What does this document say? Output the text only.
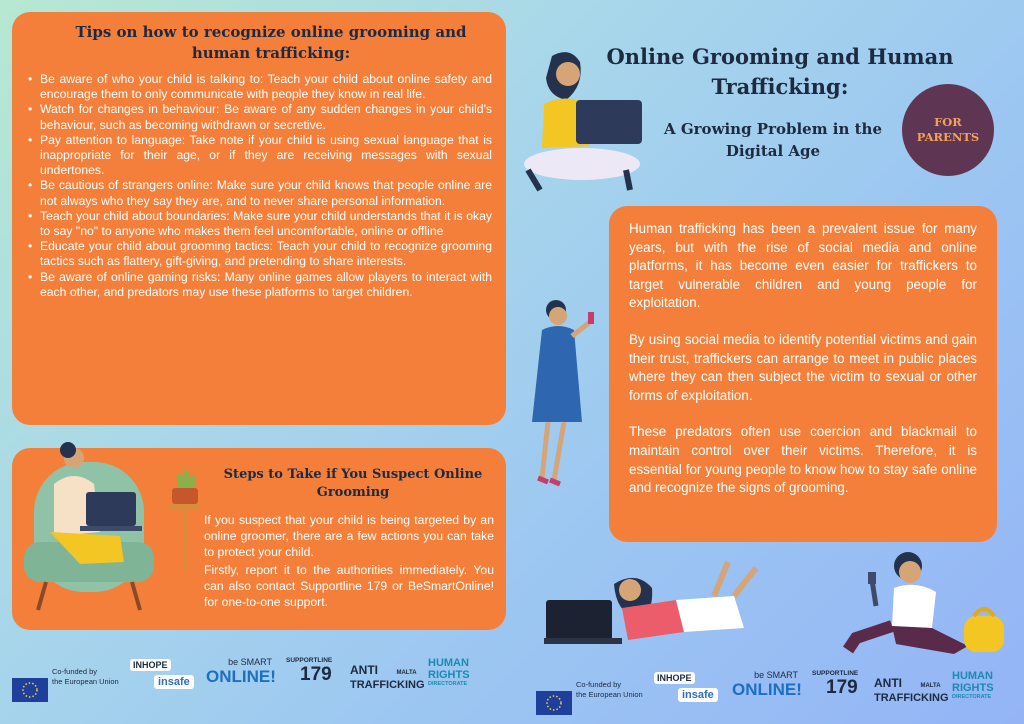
Tips on how to recognize online grooming and human trafficking:
• Be aware of who your child is talking to: Teach your child about online safety and encourage them to only communicate with people they know in real life.
• Watch for changes in behaviour: Be aware of any sudden changes in your child's behaviour, such as becoming withdrawn or secretive.
• Pay attention to language: Take note if your child is using sexual language that is inappropriate for their age, or if they are receiving messages with sexual undertones.
• Be cautious of strangers online: Make sure your child knows that people online are not always who they say they are, and to never share personal information.
• Teach your child about boundaries: Make sure your child understands that it is okay to say "no" to anyone who makes them feel uncomfortable, online or offline
• Educate your child about grooming tactics: Teach your child to recognize grooming tactics such as flattery, gift-giving, and pretending to share interests.
• Be aware of online gaming risks: Many online games allow players to interact with each other, and predators may use these platforms to target children.
Steps to Take if You Suspect Online Grooming

If you suspect that your child is being targeted by an online groomer, there are a few actions you can take to protect your child.

Firstly, report it to the authorities immediately. You can also contact Supportline 179 or BeSmartOnline! for one-to-one support.

Online Grooming and Human Trafficking:
A Growing Problem in the Digital Age
FOR PARENTS

Human trafficking has been a prevalent issue for many years, but with the rise of social media and online platforms, it has become even easier for traffickers to target vulnerable children and young people for exploitation.

By using social media to identify potential victims and gain their trust, traffickers can arrange to meet in public places where they can then subject the victim to sexual or other forms of exploitation.

These predators often use coercion and blackmail to maintain control over their victims. Therefore, it is essential for young people to know how to stay safe online and recognize the signs of grooming.

Co-funded by
the European Union
INHOPE
insafe
be SMART
ONLINE!
SUPPORTLINE
179	ANTI	MALTA
TRAFFICKING
HUMAN
RIGHTS
DIRECTORATE	Co-funded by
the European Union
INHOPE
insafe
be SMART
ONLINE!
SUPPORTLINE
179	ANTI	MALTA
TRAFFICKING
HUMAN
RIGHTS
DIRECTORATE
